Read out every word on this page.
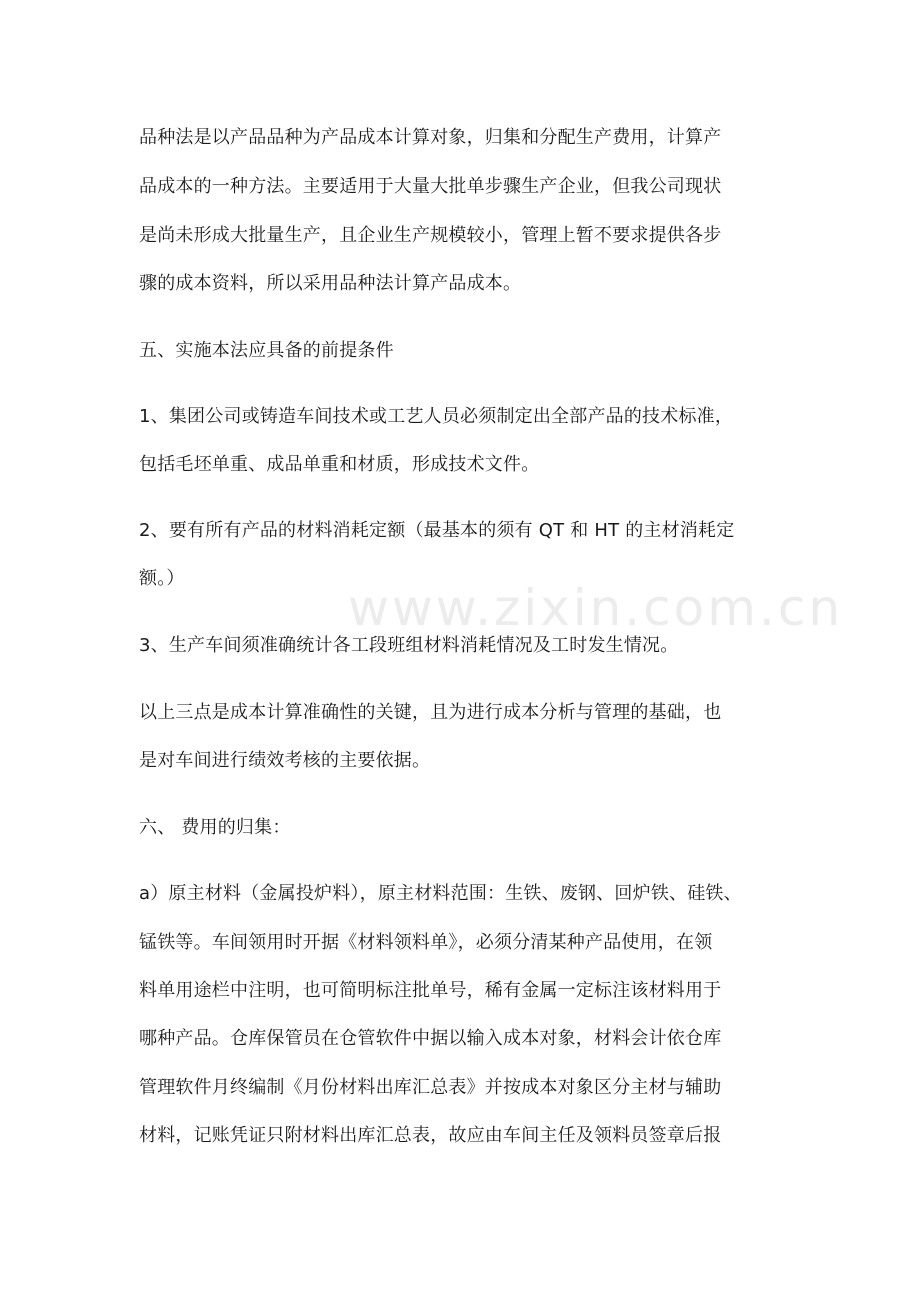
www.zixin.com.cn
品种法是以产品品种为产品成本计算对象，归集和分配生产费用，计算产
品成本的一种方法。主要适用于大量大批单步骤生产企业，但我公司现状
是尚未形成大批量生产，且企业生产规模较小，管理上暂不要求提供各步
骤的成本资料，所以采用品种法计算产品成本。
五、实施本法应具备的前提条件
1、集团公司或铸造车间技术或工艺人员必须制定出全部产品的技术标准，
包括毛坯单重、成品单重和材质，形成技术文件。
2、要有所有产品的材料消耗定额（最基本的须有 QT 和 HT 的主材消耗定
额。）
3、生产车间须准确统计各工段班组材料消耗情况及工时发生情况。
以上三点是成本计算准确性的关键，且为进行成本分析与管理的基础，也
是对车间进行绩效考核的主要依据。
六、 费用的归集：
a）原主材料（金属投炉料），原主材料范围：生铁、废钢、回炉铁、硅铁、
锰铁等。车间领用时开据《材料领料单》，必须分清某种产品使用，在领
料单用途栏中注明，也可简明标注批单号，稀有金属一定标注该材料用于
哪种产品。仓库保管员在仓管软件中据以输入成本对象，材料会计依仓库
管理软件月终编制《月份材料出库汇总表》并按成本对象区分主材与辅助
材料，记账凭证只附材料出库汇总表，故应由车间主任及领料员签章后报
